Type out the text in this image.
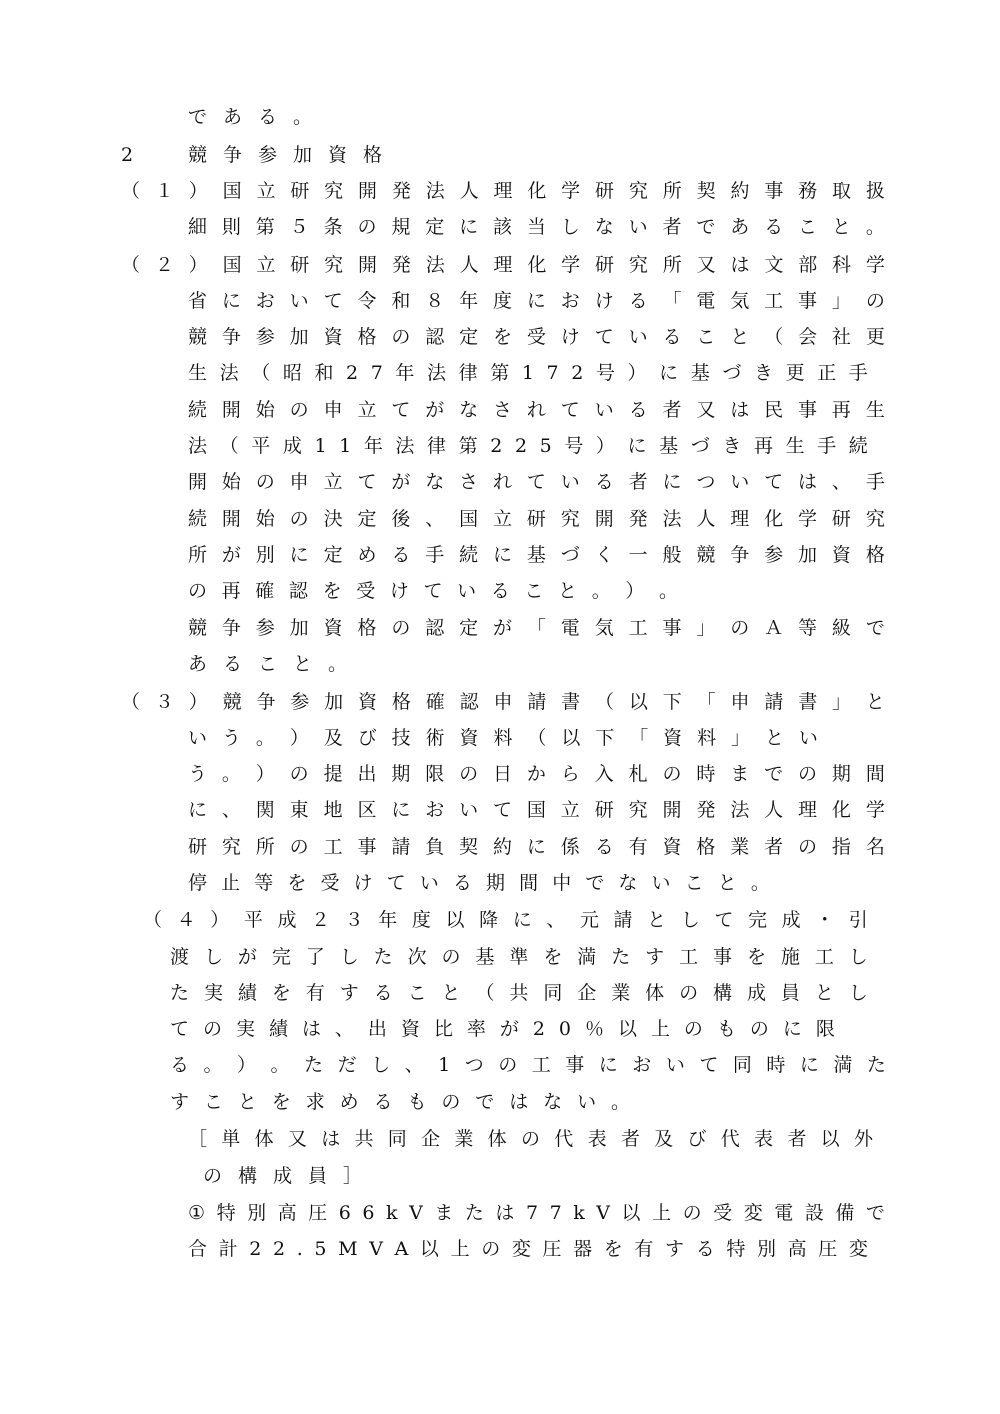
である。
2	競争参加資格
（ １ ） 国 立 研 究 開 発 法 人 理 化 学 研 究 所 契 約 事 務 取 扱
細 則 第 ５ 条 の 規 定 に 該 当 し な い 者 で あ る こ と 。
（ ２ ） 国 立 研 究 開 発 法 人 理 化 学 研 究 所 又 は 文 部 科 学
省 に お い て 令 和 ８ 年 度 に お け る 「 電 気 工 事 」 の
競 争 参 加 資 格 の 認 定 を 受 け て い る こ と （ 会 社 更
生 法 （ 昭 和 2 7 年 法 律 第 1 7 2 号 ） に 基 づ き 更 正 手
続 開 始 の 申 立 て が な さ れ て い る 者 又 は 民 事 再 生
法 （ 平 成 1 1 年 法 律 第 2 2 5 号 ） に 基 づ き 再 生 手 続
開 始 の 申 立 て が な さ れ て い る 者 に つ い て は 、 手
続 開 始 の 決 定 後 、 国 立 研 究 開 発 法 人 理 化 学 研 究
所 が 別 に 定 め る 手 続 に 基 づ く 一 般 競 争 参 加 資 格
の 再 確 認 を 受 け て い る こ と 。 ） 。
競 争 参 加 資 格 の 認 定 が 「 電 気 工 事 」 の Ａ 等 級 で
あること。
（ ３ ） 競 争 参 加 資 格 確 認 申 請 書 （ 以 下 「 申 請 書 」 と
い う 。 ） 及 び 技 術 資 料 （ 以 下 「 資 料 」 と い
う 。 ） の 提 出 期 限 の 日 か ら 入 札 の 時 ま で の 期 間
に 、 関 東 地 区 に お い て 国 立 研 究 開 発 法 人 理 化 学
研 究 所 の 工 事 請 負 契 約 に 係 る 有 資 格 業 者 の 指 名
停 止 等 を 受 け て い る 期 間 中 で な い こ と 。
（ ４ ） 平 成 ２ ３ 年 度 以 降 に 、 元 請 と し て 完 成 ・ 引
渡 し が 完 了 し た 次 の 基 準 を 満 た す 工 事 を 施 工 し
た 実 績 を 有 す る こ と （ 共 同 企 業 体 の 構 成 員 と し
て の 実 績 は 、 出 資 比 率 が 2 0 ％ 以 上 の も の に 限
る 。 ） 。 た だ し 、 1 つ の 工 事 に お い て 同 時 に 満 た
す こ と を 求 め る も の で は な い 。
［ 単 体 又 は 共 同 企 業 体 の 代 表 者 及 び 代 表 者 以 外
の構成員］
① 特 別 高 圧 6 6 k V ま た は 7 7 k V 以 上 の 受 変 電 設 備 で
合 計 2 2 . 5 M V A 以 上 の 変 圧 器 を 有 す る 特 別 高 圧 変
